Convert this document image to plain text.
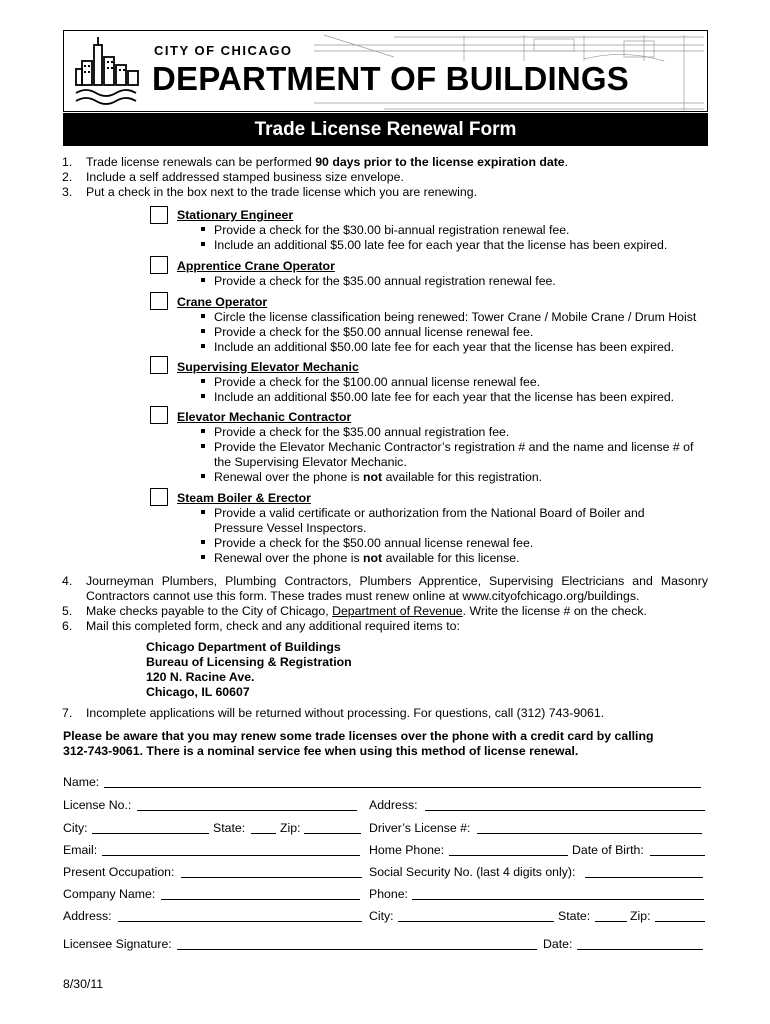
CITY OF CHICAGO
DEPARTMENT OF BUILDINGS
Trade License Renewal Form
1. Trade license renewals can be performed 90 days prior to the license expiration date.
2. Include a self addressed stamped business size envelope.
3. Put a check in the box next to the trade license which you are renewing.
Stationary Engineer
Provide a check for the $30.00 bi-annual registration renewal fee.
Include an additional $5.00 late fee for each year that the license has been expired.
Apprentice Crane Operator
Provide a check for the $35.00 annual registration renewal fee.
Crane Operator
Circle the license classification being renewed: Tower Crane / Mobile Crane / Drum Hoist
Provide a check for the $50.00 annual license renewal fee.
Include an additional $50.00 late fee for each year that the license has been expired.
Supervising Elevator Mechanic
Provide a check for the $100.00 annual license renewal fee.
Include an additional $50.00 late fee for each year that the license has been expired.
Elevator Mechanic Contractor
Provide a check for the $35.00 annual registration fee.
Provide the Elevator Mechanic Contractor’s registration # and the name and license # of
the Supervising Elevator Mechanic.
Renewal over the phone is not available for this registration.
Steam Boiler & Erector
Provide a valid certificate or authorization from the National Board of Boiler and
Pressure Vessel Inspectors.
Provide a check for the $50.00 annual license renewal fee.
Renewal over the phone is not available for this license.
4. Journeyman Plumbers, Plumbing Contractors, Plumbers Apprentice, Supervising Electricians and Masonry
Contractors cannot use this form. These trades must renew online at www.cityofchicago.org/buildings.
5. Make checks payable to the City of Chicago, Department of Revenue. Write the license # on the check.
6. Mail this completed form, check and any additional required items to:
Chicago Department of Buildings
Bureau of Licensing & Registration
120 N. Racine Ave.
Chicago, IL 60607
7. Incomplete applications will be returned without processing. For questions, call (312) 743-9061.
Please be aware that you may renew some trade licenses over the phone with a credit card by calling
312-743-9061. There is a nominal service fee when using this method of license renewal.
Name:
License No.:	Address:
City:	State:	Zip:	Driver’s License #:
Email:	Home Phone:	Date of Birth:
Present Occupation:	Social Security No. (last 4 digits only):
Company Name:	Phone:
Address:	City:	State:	Zip:
Licensee Signature:	Date:
8/30/11
